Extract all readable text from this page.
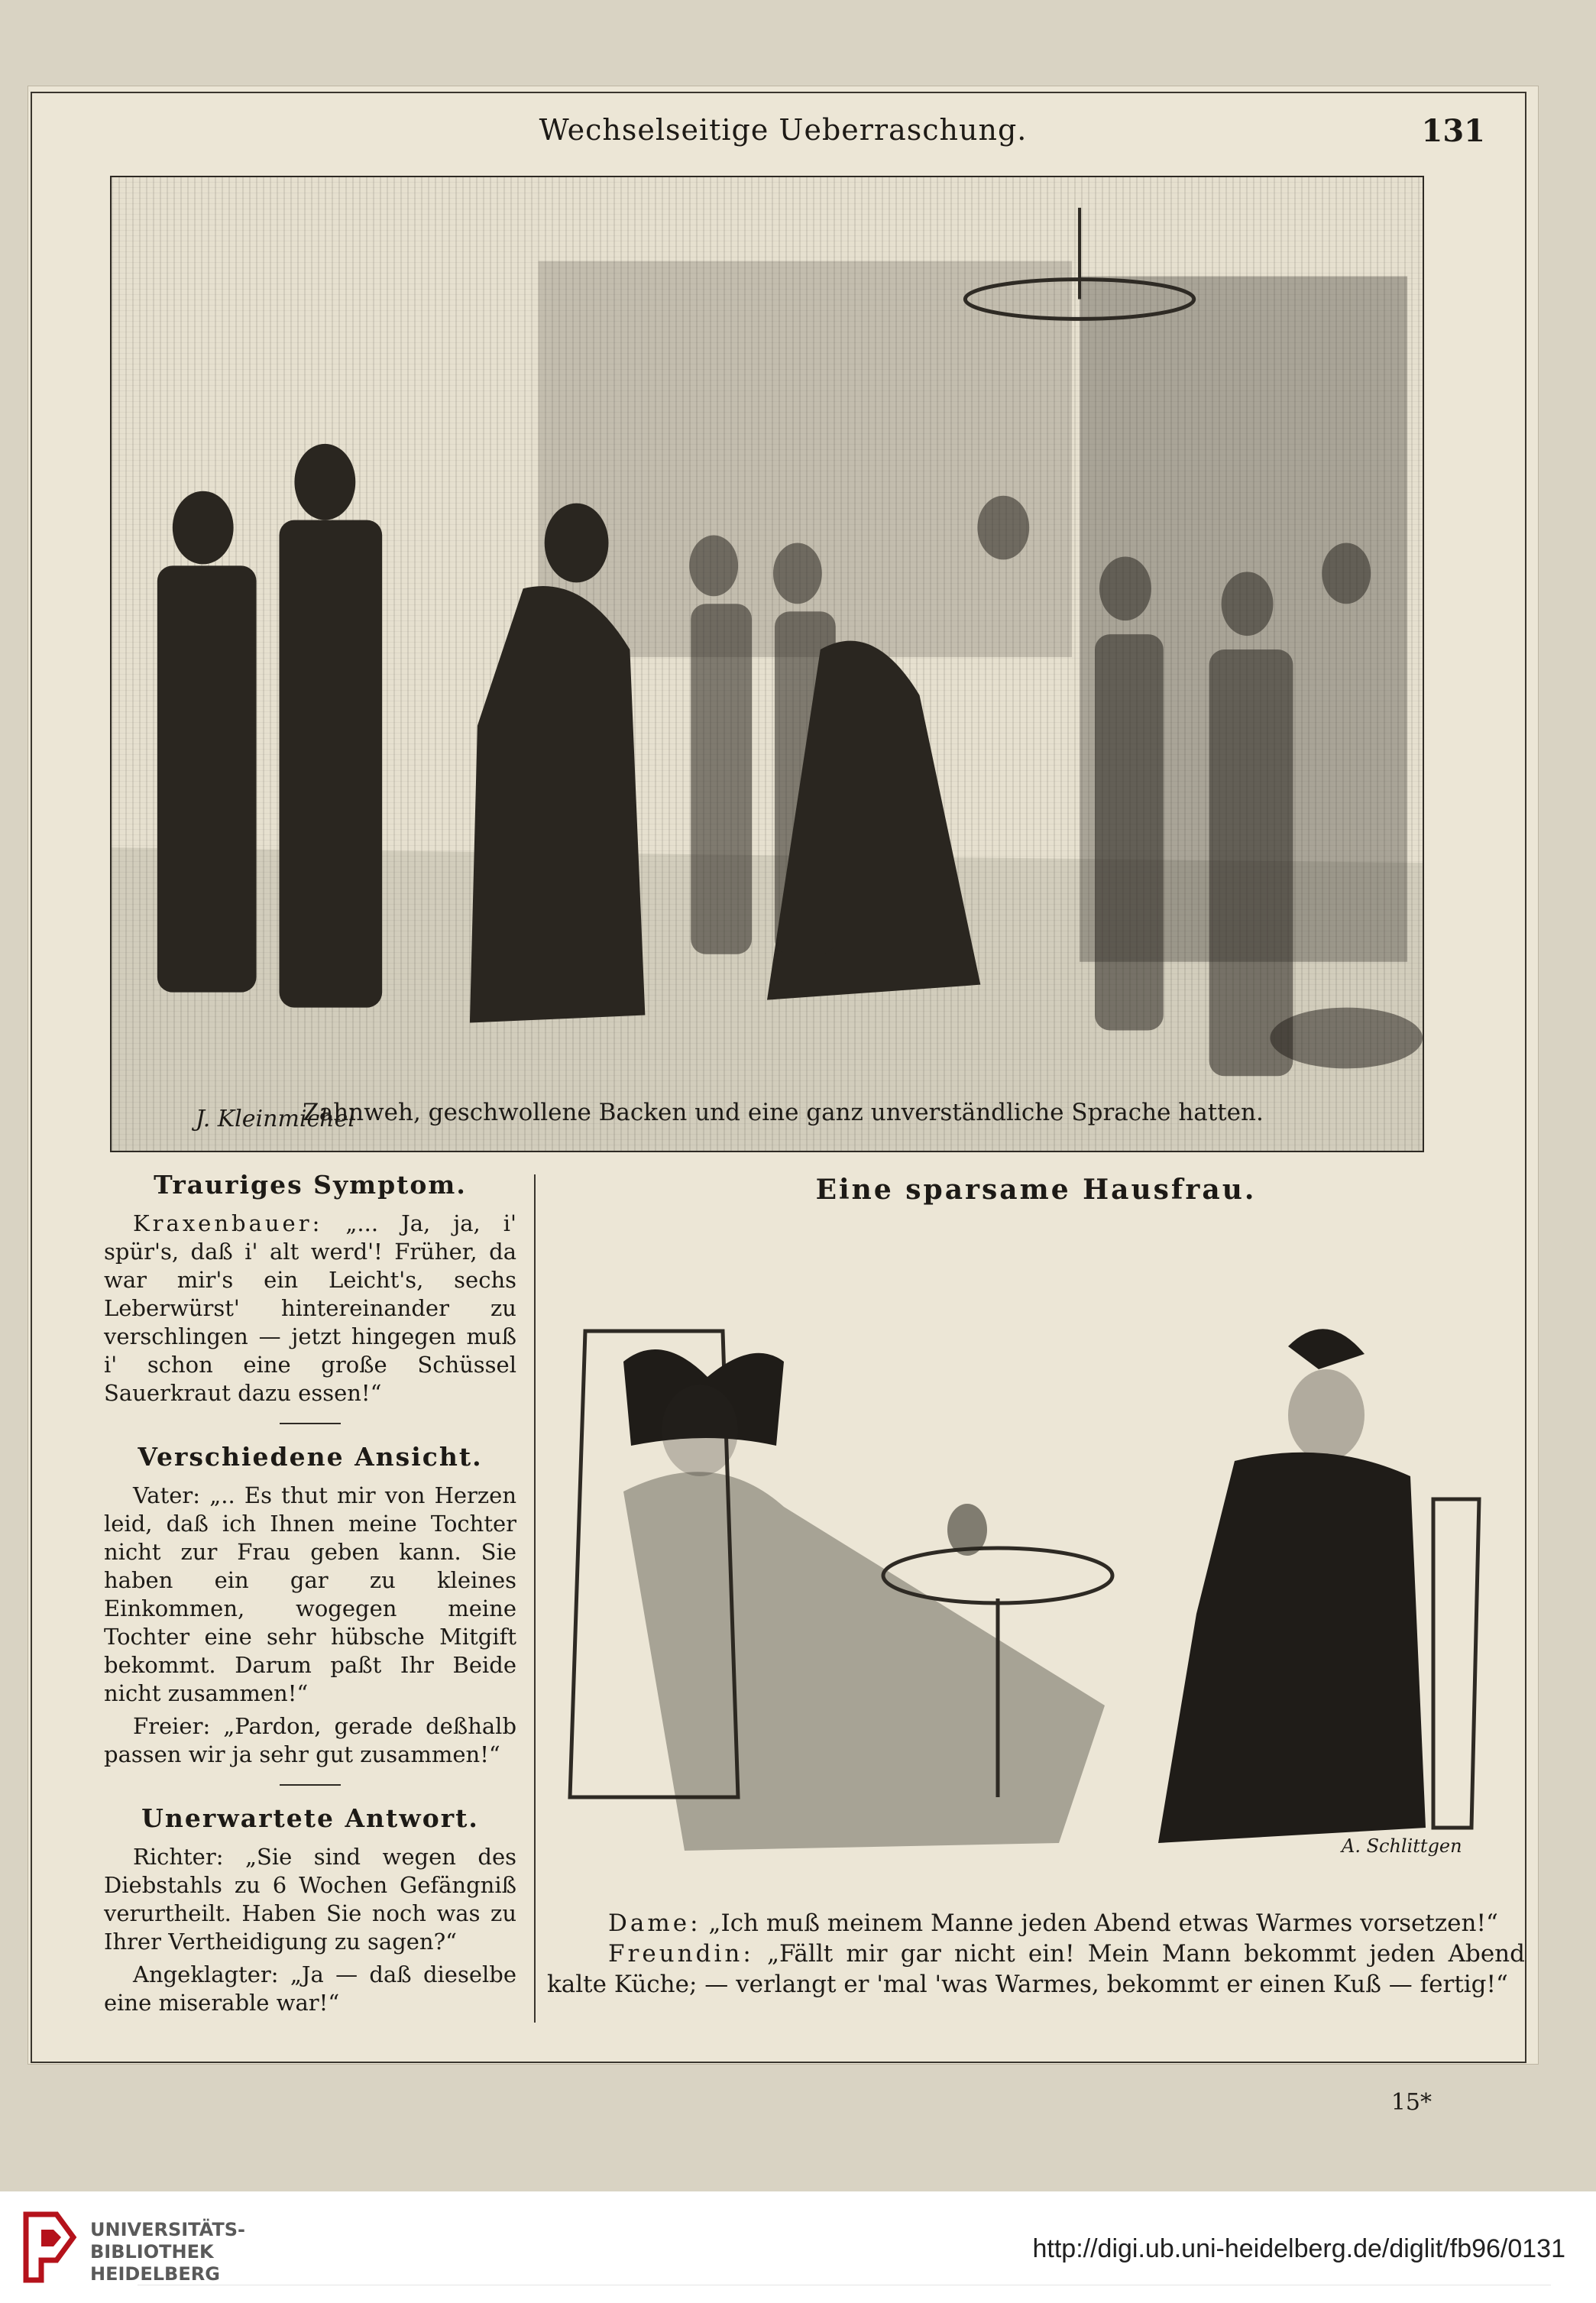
Wechselseitige Ueberraschung.	131
J. Kleinmichel
Zahnweh, geschwollene Backen und eine ganz unverständliche Sprache hatten.
Trauriges Symptom.

Kraxenbauer: „... Ja, ja, i' spür's, daß i' alt werd'! Früher, da war mir's ein Leicht's, sechs Leberwürst' hintereinander zu verschlingen — jetzt hingegen muß i' schon eine große Schüssel Sauerkraut dazu essen!“

Verschiedene Ansicht.

Vater: „.. Es thut mir von Herzen leid, daß ich Ihnen meine Tochter nicht zur Frau geben kann. Sie haben ein gar zu kleines Einkommen, wogegen meine Tochter eine sehr hübsche Mitgift bekommt. Darum paßt Ihr Beide nicht zusammen!“

Freier: „Pardon, gerade deßhalb passen wir ja sehr gut zusammen!“

Unerwartete Antwort.

Richter: „Sie sind wegen des Diebstahls zu 6 Wochen Gefängniß verurtheilt. Haben Sie noch was zu Ihrer Vertheidigung zu sagen?“

Angeklagter: „Ja — daß dieselbe eine miserable war!“

Eine sparsame Hausfrau.
A. Schlittgen

Dame: „Ich muß meinem Manne jeden Abend etwas Warmes vorsetzen!“

Freundin: „Fällt mir gar nicht ein! Mein Mann bekommt jeden Abend kalte Küche; — verlangt er 'mal 'was Warmes, bekommt er einen Kuß — fertig!“

15*
UNIVERSITÄTS-
BIBLIOTHEK
HEIDELBERG
http://digi.ub.uni-heidelberg.de/diglit/fb96/0131
